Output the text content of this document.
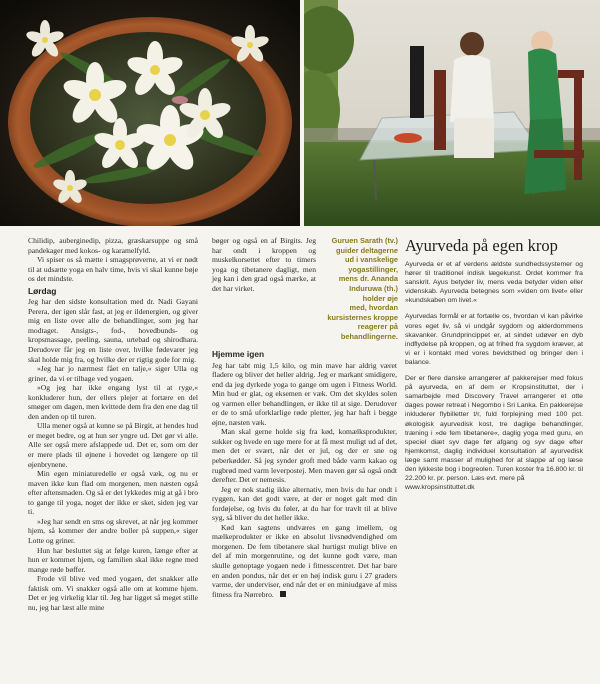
Chilidip, auberginedip, pizza, græskarsuppe og små pandekager med kokos- og karamelfyld.

Vi spiser os så mætte i smagsprøverne, at vi er nødt til at udsætte yoga en halv time, hvis vi skal kunne bøje os det mindste.

Lørdag

Jeg har den sidste konsultation med dr. Nadi Gayani Perera, der igen slår fast, at jeg er ildenergien, og giver mig en liste over alle de behandlinger, som jeg har modtaget. Ansigts-, fod-, hovedbunds- og kropsmassage, peeling, sauna, urtebad og shirodhara. Derudover får jeg en liste over, hvilke fødevarer jeg skal holde mig fra, og hvilke der er rigtig gode for mig.

»Jeg har jo nærmest fået en talje,« siger Ulla og griner, da vi er tilbage ved yogaen.

»Og jeg har ikke engang lyst til at ryge,« konkluderer hun, der ellers plejer at fortære en del smøger om dagen, men kvittede dem fra den ene dag til den anden op til turen.

Ulla mener også at kunne se på Birgit, at hendes hud er meget bedre, og at hun ser yngre ud. Det gør vi alle. Alle ser også mere afslappede ud. Det er, som om der er mere plads til øjnene i hovedet og længere op til øjenbrynene.

Min egen miniaturedelle er også væk, og nu er maven ikke kun flad om morgenen, men næsten også efter aftensmaden. Og så er det lykkedes mig at gå i bro to gange til yoga, noget der ikke er sket, siden jeg var ti.

»Jeg har sendt en sms og skrevet, at når jeg kommer hjem, så kommer der andre boller på suppen,« siger Lotte og griner.

Hun har besluttet sig at følge kuren, længe efter at hun er kommet hjem, og familien skal ikke regne med mange røde bøffer.

Frode vil blive ved med yogaen, det snakker alle faktisk om. Vi snakker også alle om at komme hjem. Det er jeg virkelig klar til. Jeg har ligget så meget stille nu, jeg har læst alle mine

bøger og også en af Birgits. Jeg har ondt i kroppen og muskelkorsettet efter to timers yoga og tibetanere dagligt, men jeg kan i den grad også mærke, at det har virket.

Guruen Sarath (tv.)
guider deltagerne
ud i vanskelige
yogastillinger,
mens dr. Ananda
Induruwa (th.)
holder øje
med, hvordan
kursisternes kroppe
reagerer på
behandlingerne.
Hjemme igen

Jeg har tabt mig 1,5 kilo, og min mave har aldrig været fladere og bliver det heller aldrig. Jeg er markant smidigere, end da jeg dyrkede yoga to gange om ugen i Fitness World. Min hud er glat, og eksemen er væk. Om det skyldes solen og varmen eller behandlingen, er ikke til at sige. Derudover er de to små uforklarlige røde pletter, jeg har haft i begge øjne, næsten væk.

Man skal gerne holde sig fra kød, komælksprodukter, sukker og hvede en uge mere for at få mest muligt ud af det, men det er svært, når det er jul, og der er sne og peberkødder. Så jeg synder groft med både varm kakao og rugbrød med varm leverpostej. Men maven gør så også ondt derefter. Det er nemesis.

Jeg er nok stadig ikke alternativ, men hvis du har ondt i ryggen, kan det godt være, at der er noget galt med din fordøjelse, og hvis du føler, at du har for travlt til at blive syg, så bliver du det heller ikke.

Kød kan sagtens undværes en gang imellem, og mælkeprodukter er ikke en absolut livsnødvendighed om morgenen. De fem tibetanere skal hurtigst muligt blive en del af min morgenrutine, og det kunne godt være, man skulle genoptage yogaen nede i fitnesscentret. Det har bare en anden pondus, når det er en høj indisk guru i 27 graders varme, der underviser, end når det er en miniudgave af miss fitness fra Nørrebro.

Ayurveda på egen krop

Ayurveda er et af verdens ældste sundhedssystemer og hører til traditionel indisk lægekunst. Ordet kommer fra sanskrit. Ayus betyder liv, mens veda betyder viden eller videnskab. Ayurveda betegnes som »viden om livet« eller »kundskaben om livet.«

Ayurvedas formål er at fortælle os, hvordan vi kan påvirke vores eget liv, så vi undgår sygdom og alderdommens skavanker. Grundprincippet er, at sindet udøver en dyb indflydelse på kroppen, og at frihed fra sygdom kræver, at vi er i kontakt med vores bevidsthed og bringer den i balance.

Der er flere danske arrangører af pakkerejser med fokus på ayurveda, en af dem er Kropsinstituttet, der i samarbejde med Discovery Travel arrangerer et otte dages power retreat i Negombo i Sri Lanka. En pakkerejse inkluderer flybilletter t/r, fuld forplejning med 100 pct. økologisk ayurvedisk kost, tre daglige behandlinger, træning i »de fem tibetanere«, daglig yoga med guru, en speciel diæt syv dage før afgang og syv dage efter hjemkomst, daglig individuel konsultation af ayurvedisk læge samt masser af mulighed for at slappe af og læse den lykkeste bog i bogreolen. Turen koster fra 16.800 kr. til 22.200 kr. pr. person. Læs evt. mere på
www.kropsinstituttet.dk
